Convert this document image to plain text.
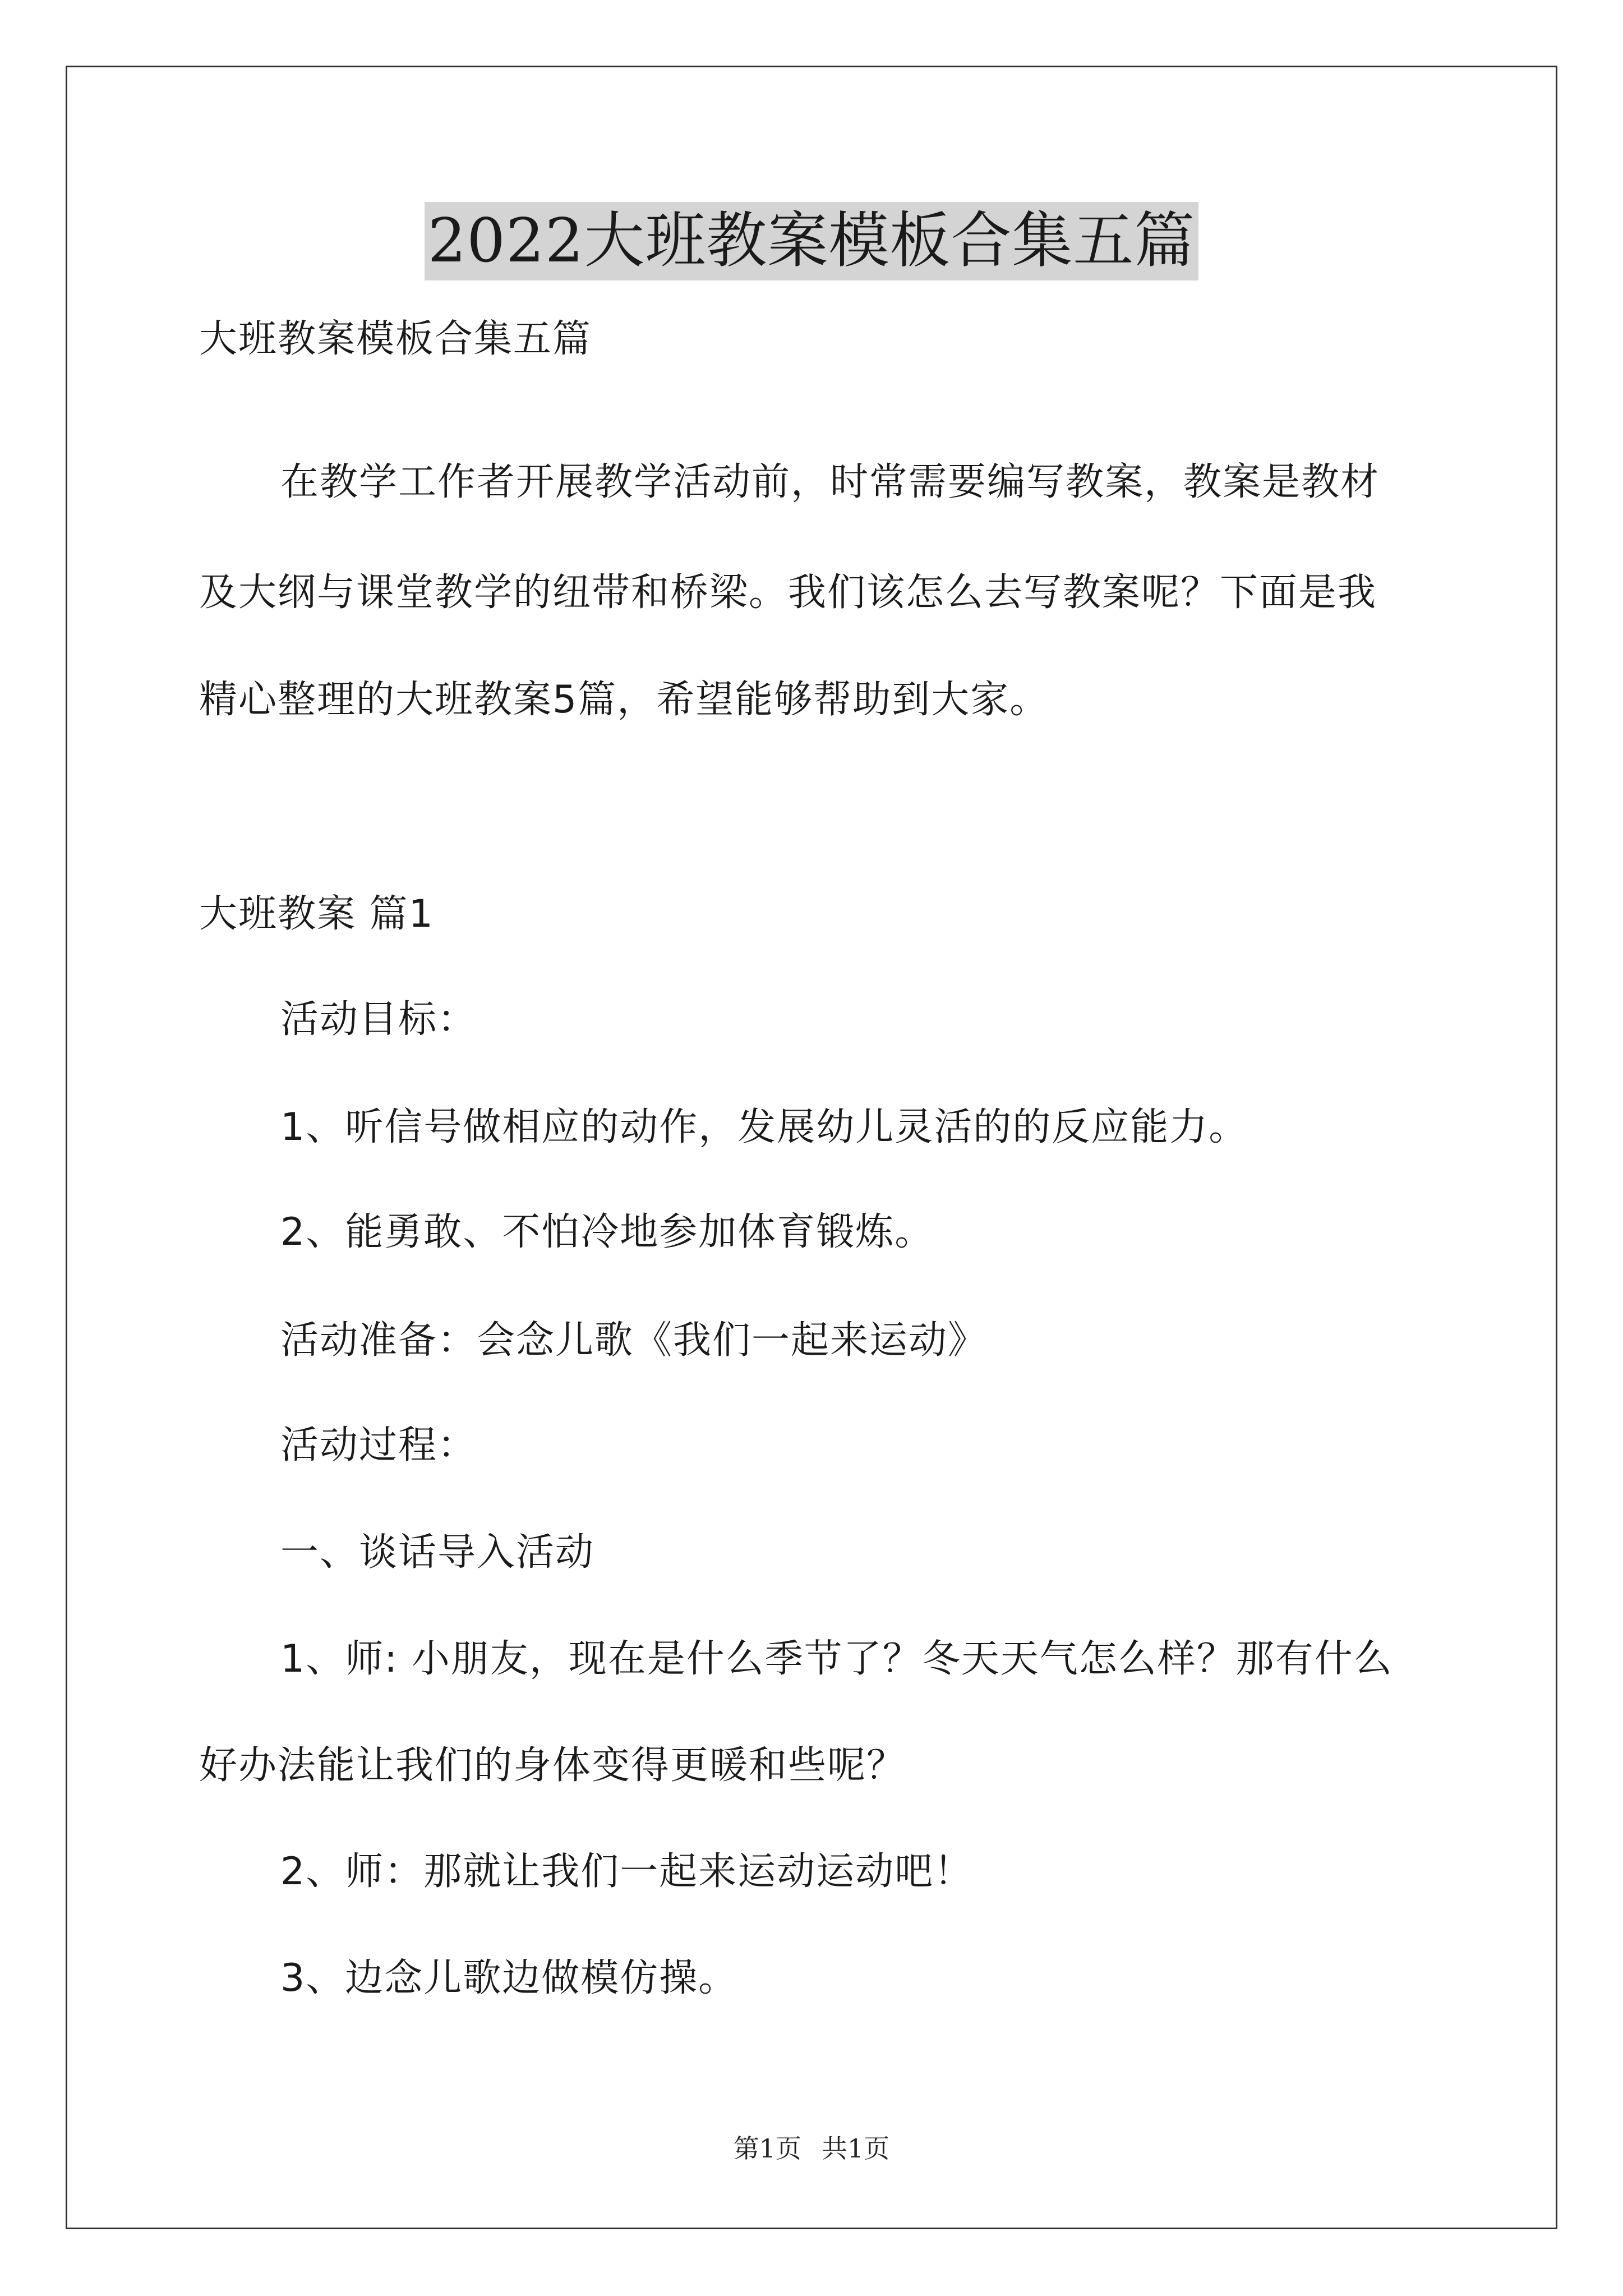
2022大班教案模板合集五篇
大班教案模板合集五篇
在教学工作者开展教学活动前，时常需要编写教案，教案是教材
及大纲与课堂教学的纽带和桥梁。我们该怎么去写教案呢？下面是我
精心整理的大班教案5篇，希望能够帮助到大家。
大班教案 篇1
活动目标：
1、听信号做相应的动作，发展幼儿灵活的的反应能力。
2、能勇敢、不怕冷地参加体育锻炼。
活动准备：会念儿歌《我们一起来运动》
活动过程：
一、谈话导入活动
1、师: 小朋友，现在是什么季节了？冬天天气怎么样？那有什么
好办法能让我们的身体变得更暖和些呢？
2、师：那就让我们一起来运动运动吧！
3、边念儿歌边做模仿操。
第1页 共1页
